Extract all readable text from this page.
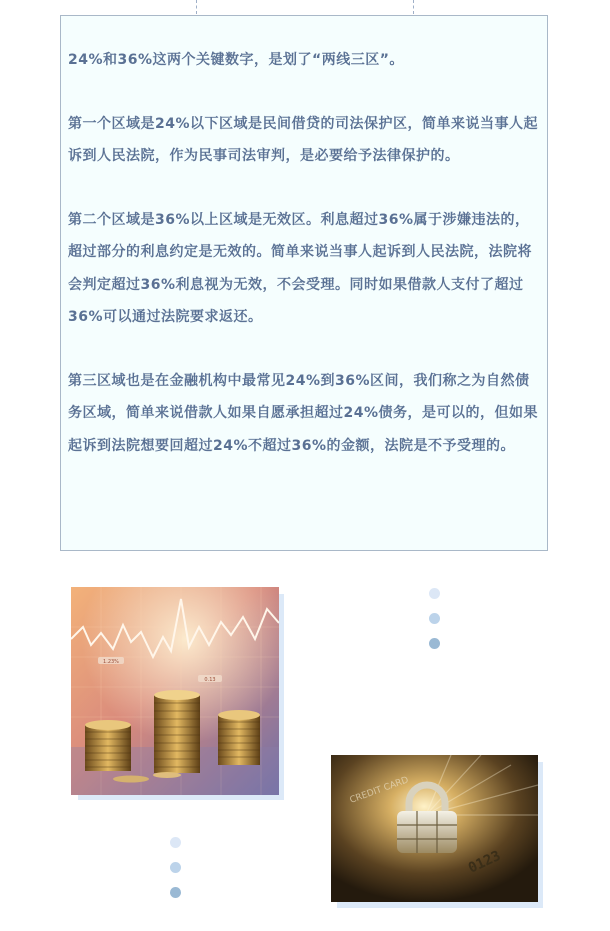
24%和36%这两个关键数字，是划了“两线三区”。

第一个区域是24%以下区域是民间借贷的司法保护区，简单来说当事人起诉到人民法院，作为民事司法审判，是必要给予法律保护的。

第二个区域是36%以上区域是无效区。利息超过36%属于涉嫌违法的，超过部分的利息约定是无效的。简单来说当事人起诉到人民法院，法院将会判定超过36%利息视为无效，不会受理。同时如果借款人支付了超过36%可以通过法院要求返还。

第三区域也是在金融机构中最常见24%到36%区间，我们称之为自然债务区域，简单来说借款人如果自愿承担超过24%债务，是可以的，但如果起诉到法院想要回超过24%不超过36%的金额，法院是不予受理的。

1.23%
0.13
CREDIT CARD
0123
